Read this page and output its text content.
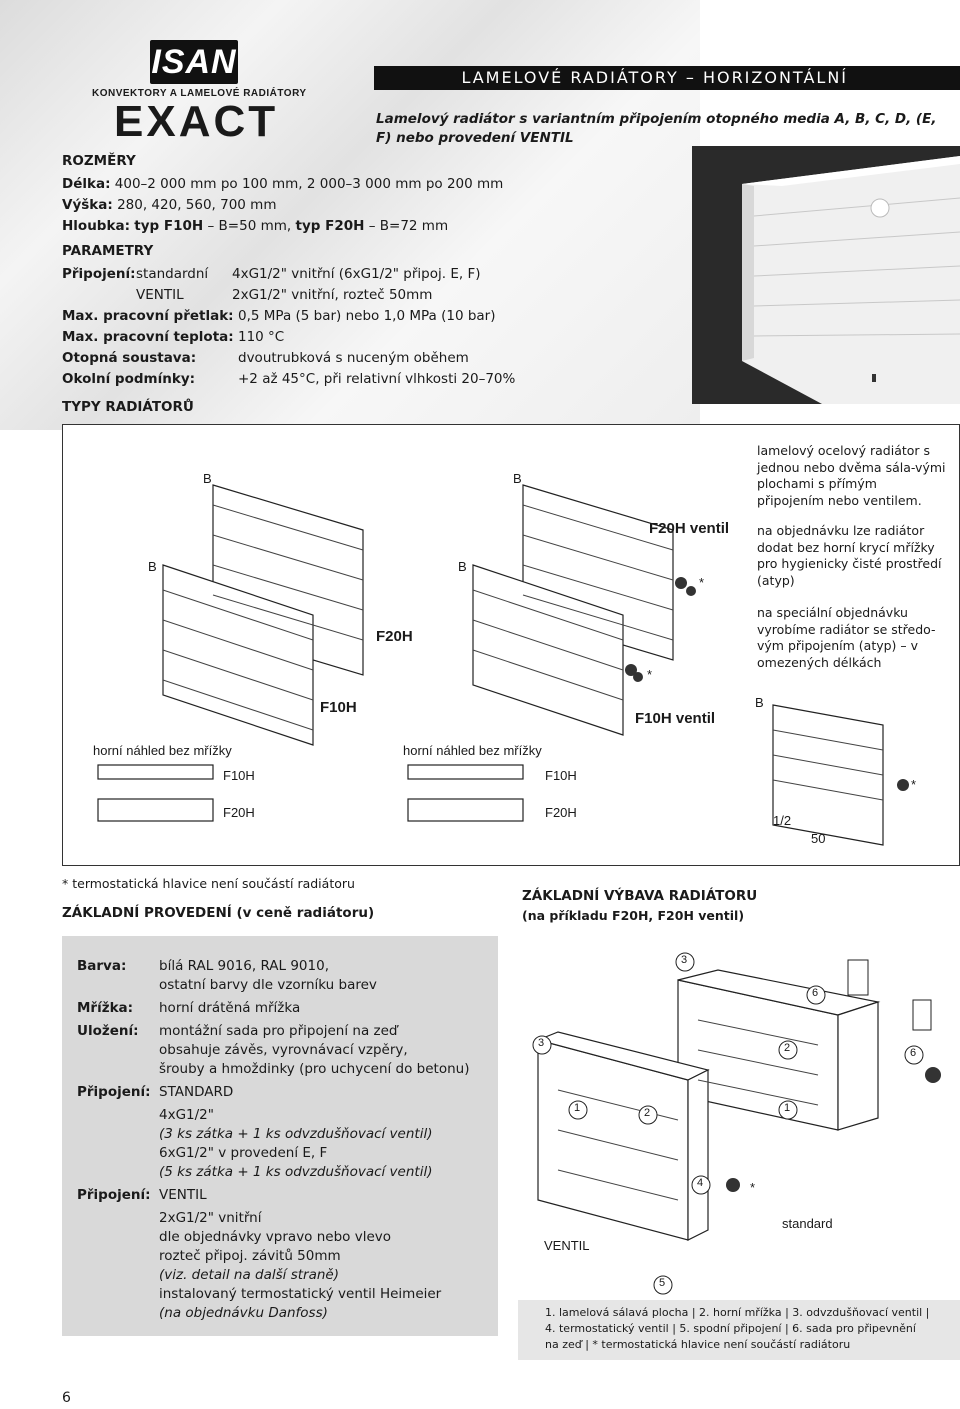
ISAN
KONVEKTORY A LAMELOVÉ RADIÁTORY
EXACT
LAMELOVÉ RADIÁTORY – HORIZONTÁLNÍ
Lamelový radiátor s variantním připojením otopného media A, B, C, D, (E, F) nebo provedení VENTIL
ROZMĚRY
Délka: 400–2 000 mm po 100 mm, 2 000–3 000 mm po 200 mm
Výška: 280, 420, 560, 700 mm
Hloubka: typ F10H – B=50 mm, typ F20H – B=72 mm
PARAMETRY
Připojení: standardní 4xG1/2" vnitřní (6xG1/2" připoj. E, F)
VENTIL	2xG1/2" vnitřní, rozteč 50mm
Max. pracovní přetlak: 0,5 MPa (5 bar) nebo 1,0 MPa (10 bar)
Max. pracovní teplota: 110 °C
Otopná soustava:	dvoutrubková s nuceným oběhem
Okolní podmínky:	+2 až 45°C, při relativní vlhkosti 20–70%
TYPY RADIÁTORŮ
B
B
B
B
B
F20H
F10H
F20H ventil
F10H ventil
*
*
*
horní náhled bez mřížky	horní náhled bez mřížky
F10H
F20H
F10H
F20H
1/2
50
lamelový ocelový radiátor s jednou nebo dvěma sála-vými plochami s přímým připojením nebo ventilem.
na objednávku lze radiátor dodat bez horní krycí mřížky pro hygienicky čisté prostředí (atyp)
na speciální objednávku vyrobíme radiátor se středo-vým připojením (atyp) – v omezených délkách
* termostatická hlavice není součástí radiátoru
ZÁKLADNÍ PROVEDENÍ (v ceně radiátoru)
ZÁKLADNÍ VÝBAVA RADIÁTORU
(na příkladu F20H, F20H ventil)
Barva: bílá RAL 9016, RAL 9010,
ostatní barvy dle vzorníku barev
Mřížka: horní drátěná mřížka
Uložení: montážní sada pro připojení na zeď
obsahuje závěs, vyrovnávací vzpěry,
šrouby a hmoždinky (pro uchycení do betonu)
Připojení: STANDARD
4xG1/2"
(3 ks zátka + 1 ks odvzdušňovací ventil)
6xG1/2" v provedení E, F
(5 ks zátka + 1 ks odvzdušňovací ventil)
Připojení: VENTIL
2xG1/2" vnitřní
dle objednávky vpravo nebo vlevo
rozteč připoj. závitů 50mm
(viz. detail na další straně)
instalovaný termostatický ventil Heimeier
(na objednávku Danfoss)
3
3
1	2
2
1
4
5
6
6
*
VENTIL
standard
1. lamelová sálavá plocha | 2. horní mřížka | 3. odvzdušňovací ventil |
4. termostatický ventil | 5. spodní připojení | 6. sada pro připevnění
na zeď | * termostatická hlavice není součástí radiátoru
6
